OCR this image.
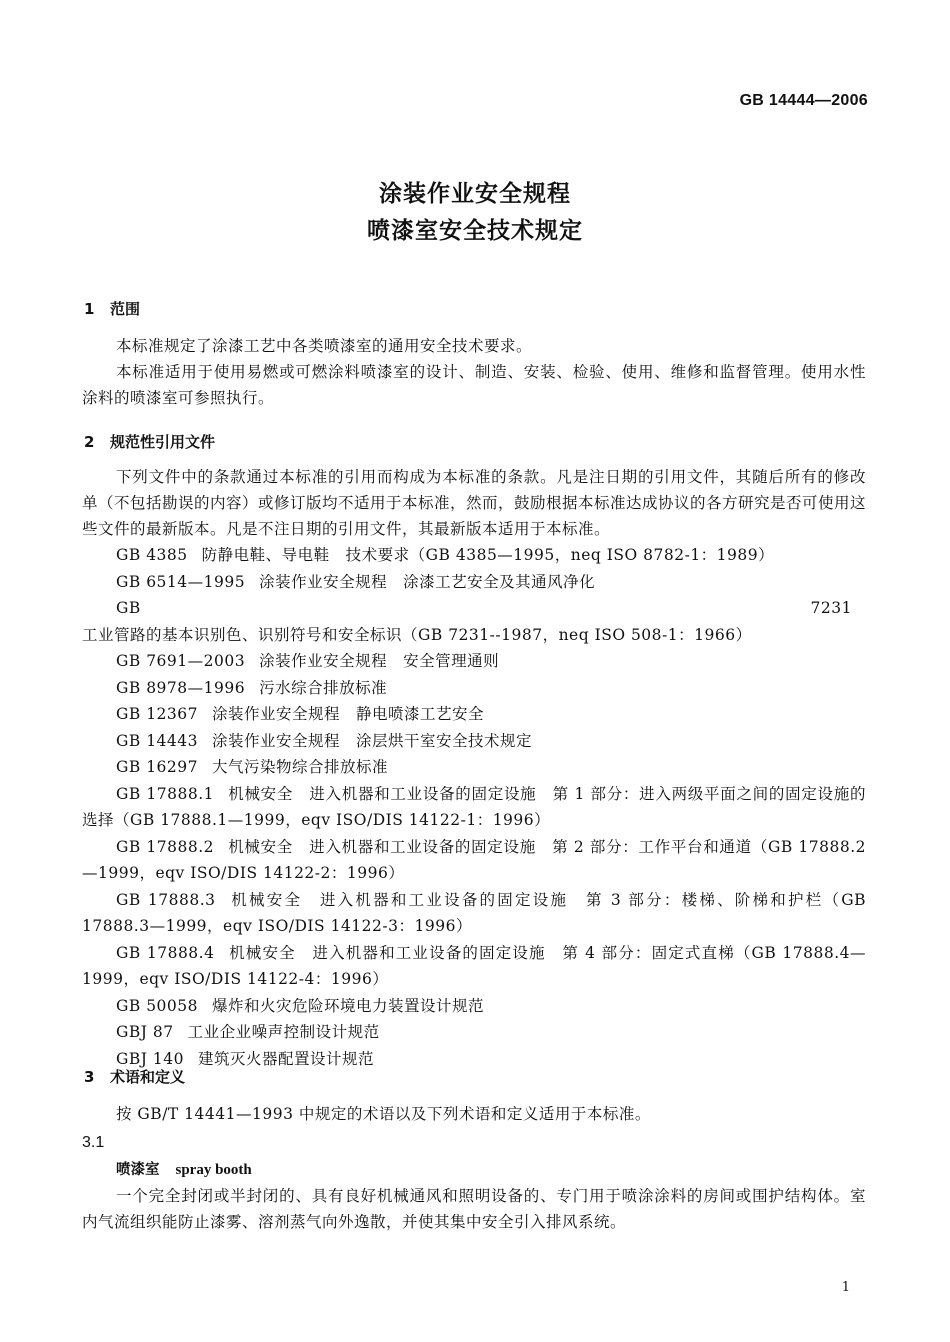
GB 14444—2006
涂装作业安全规程
喷漆室安全技术规定
1 范围
本标准规定了涂漆工艺中各类喷漆室的通用安全技术要求。
本标准适用于使用易燃或可燃涂料喷漆室的设计、制造、安装、检验、使用、维修和监督管理。使用水性涂料的喷漆室可参照执行。
2 规范性引用文件
下列文件中的条款通过本标准的引用而构成为本标准的条款。凡是注日期的引用文件，其随后所有的修改单（不包括勘误的内容）或修订版均不适用于本标准，然而，鼓励根据本标准达成协议的各方研究是否可使用这些文件的最新版本。凡是不注日期的引用文件，其最新版本适用于本标准。
GB 4385 防静电鞋、导电鞋　技术要求（GB 4385—1995，neq ISO 8782-1：1989）
GB 6514—1995 涂装作业安全规程　涂漆工艺安全及其通风净化
GB 7231工业管路的基本识别色、识别符号和安全标识（GB 7231--1987，neq ISO 508-1：1966）
GB 7691—2003 涂装作业安全规程　安全管理通则
GB 8978—1996 污水综合排放标准
GB 12367 涂装作业安全规程　静电喷漆工艺安全
GB 14443 涂装作业安全规程　涂层烘干室安全技术规定
GB 16297 大气污染物综合排放标准
GB 17888.1 机械安全　进入机器和工业设备的固定设施　第 1 部分：进入两级平面之间的固定设施的选择（GB 17888.1—1999，eqv ISO/DIS 14122-1：1996）
GB 17888.2 机械安全　进入机器和工业设备的固定设施　第 2 部分：工作平台和通道（GB 17888.2—1999，eqv ISO/DIS 14122-2：1996）
GB 17888.3 机械安全　进入机器和工业设备的固定设施　第 3 部分：楼梯、阶梯和护栏（GB 17888.3—1999，eqv ISO/DIS 14122-3：1996）
GB 17888.4 机械安全　进入机器和工业设备的固定设施　第 4 部分：固定式直梯（GB 17888.4—1999，eqv ISO/DIS 14122-4：1996）
GB 50058 爆炸和火灾危险环境电力装置设计规范
GBJ 87 工业企业噪声控制设计规范
GBJ 140 建筑灭火器配置设计规范
3 术语和定义
按 GB/T 14441—1993 中规定的术语以及下列术语和定义适用于本标准。
3.1
喷漆室 spray booth
一个完全封闭或半封闭的、具有良好机械通风和照明设备的、专门用于喷涂涂料的房间或围护结构体。室内气流组织能防止漆雾、溶剂蒸气向外逸散，并使其集中安全引入排风系统。
1
